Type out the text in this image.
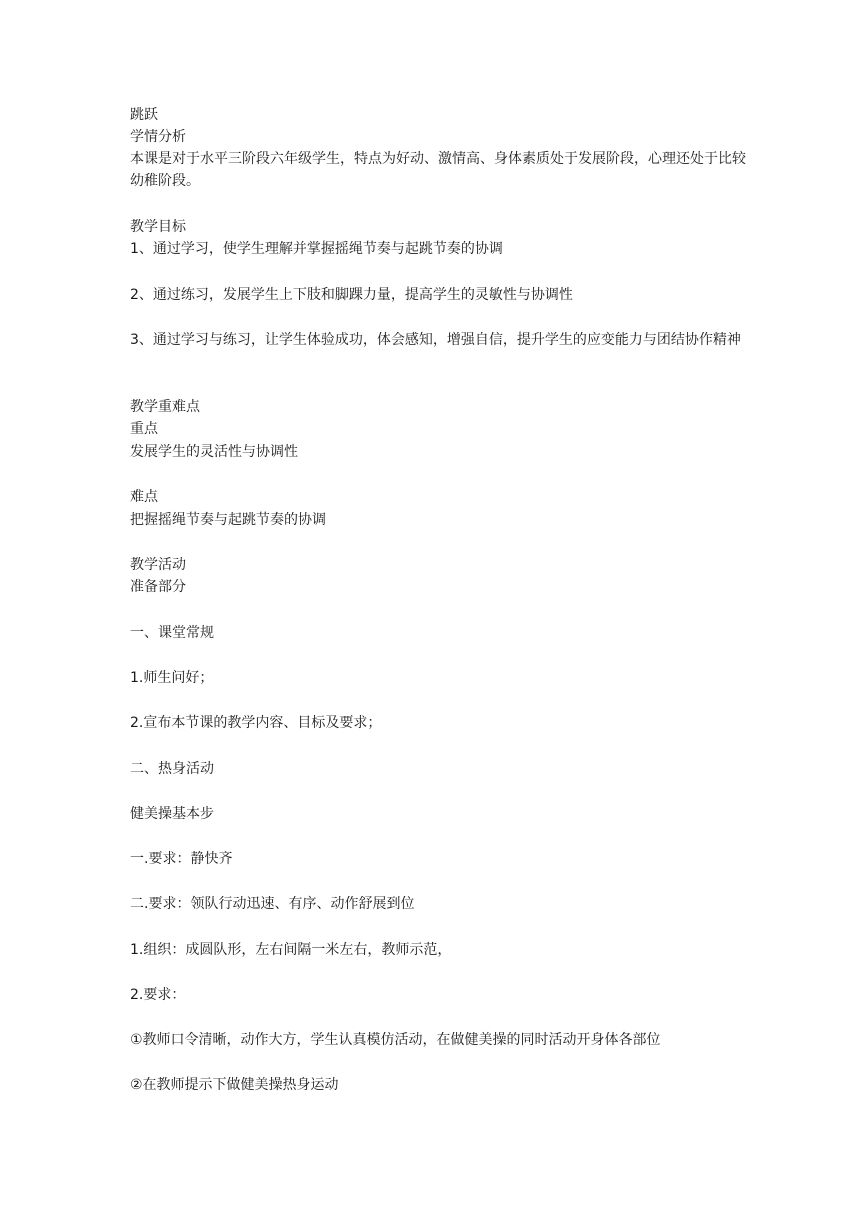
跳跃
学情分析
本课是对于水平三阶段六年级学生，特点为好动、激情高、身体素质处于发展阶段，心理还处于比较幼稚阶段。
教学目标
1、通过学习，使学生理解并掌握摇绳节奏与起跳节奏的协调
2、通过练习，发展学生上下肢和脚踝力量，提高学生的灵敏性与协调性
3、通过学习与练习，让学生体验成功，体会感知，增强自信，提升学生的应变能力与团结协作精神
教学重难点
重点
发展学生的灵活性与协调性
难点
把握摇绳节奏与起跳节奏的协调
教学活动
准备部分
一、课堂常规
1.师生问好；
2.宣布本节课的教学内容、目标及要求；
二、热身活动
健美操基本步
一.要求：静快齐
二.要求：领队行动迅速、有序、动作舒展到位
1.组织：成圆队形，左右间隔一米左右，教师示范，
2.要求：
①教师口令清晰，动作大方，学生认真模仿活动，在做健美操的同时活动开身体各部位
②在教师提示下做健美操热身运动
